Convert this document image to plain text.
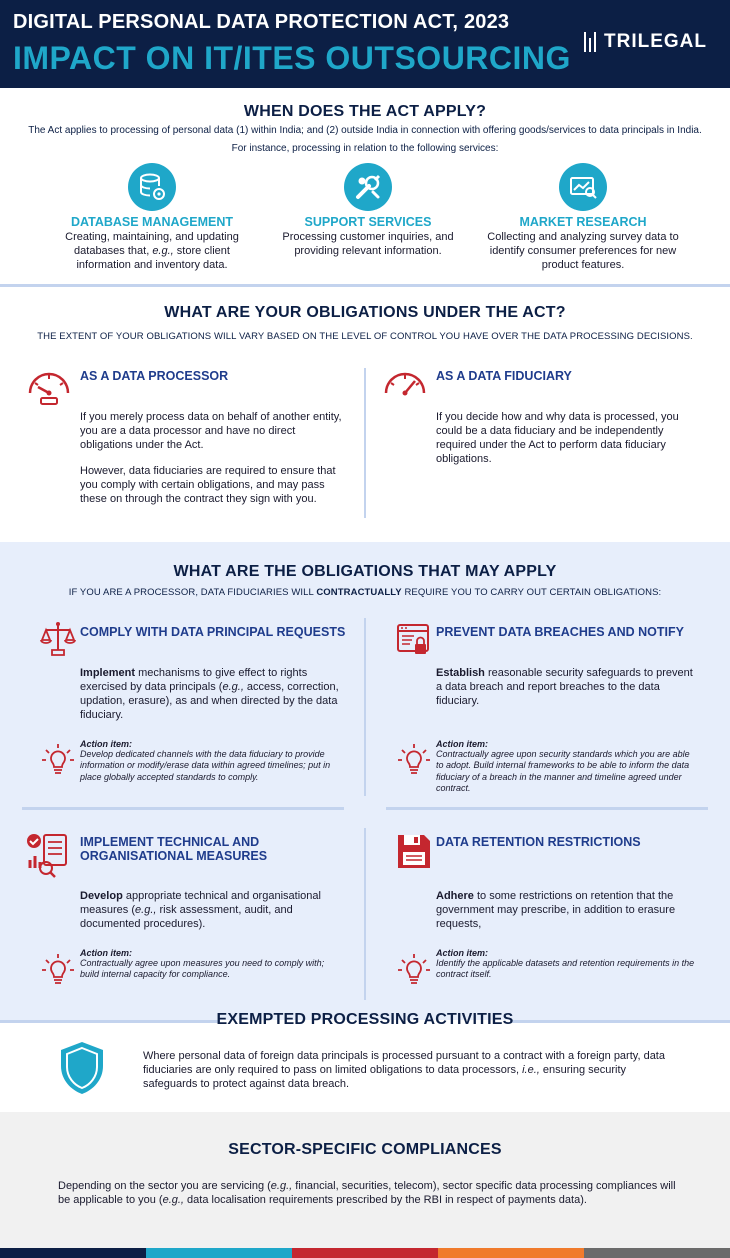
DIGITAL PERSONAL DATA PROTECTION ACT, 2023
IMPACT ON IT/ITES OUTSOURCING TRILEGAL
WHEN DOES THE ACT APPLY?
The Act applies to processing of personal data (1) within India; and (2) outside India in connection with offering goods/services to data principals in India.
For instance, processing in relation to the following services:
DATABASE MANAGEMENT
Creating, maintaining, and updating databases that, e.g., store client information and inventory data.
SUPPORT SERVICES
Processing customer inquiries, and providing relevant information.
MARKET RESEARCH
Collecting and analyzing survey data to identify consumer preferences for new product features.
WHAT ARE YOUR OBLIGATIONS UNDER THE ACT?
THE EXTENT OF YOUR OBLIGATIONS WILL VARY BASED ON THE LEVEL OF CONTROL YOU HAVE OVER THE DATA PROCESSING DECISIONS.
AS A DATA PROCESSOR
If you merely process data on behalf of another entity, you are a data processor and have no direct obligations under the Act.
However, data fiduciaries are required to ensure that you comply with certain obligations, and may pass these on through the contract they sign with you.
AS A DATA FIDUCIARY
If you decide how and why data is processed, you could be a data fiduciary and be independently required under the Act to perform data fiduciary obligations.
WHAT ARE THE OBLIGATIONS THAT MAY APPLY
IF YOU ARE A PROCESSOR, DATA FIDUCIARIES WILL CONTRACTUALLY REQUIRE YOU TO CARRY OUT CERTAIN OBLIGATIONS:
COMPLY WITH DATA PRINCIPAL REQUESTS
Implement mechanisms to give effect to rights exercised by data principals (e.g., access, correction, updation, erasure), as and when directed by the data fiduciary.
Action item:
Develop dedicated channels with the data fiduciary to provide information or modify/erase data within agreed timelines; put in place globally accepted standards to comply.
PREVENT DATA BREACHES AND NOTIFY
Establish reasonable security safeguards to prevent a data breach and report breaches to the data fiduciary.
Action item:
Contractually agree upon security standards which you are able to adopt. Build internal frameworks to be able to inform the data fiduciary of a breach in the manner and timeline agreed under contract.
IMPLEMENT TECHNICAL AND
ORGANISATIONAL MEASURES
Develop appropriate technical and organisational measures (e.g., risk assessment, audit, and documented procedures).
Action item:
Contractually agree upon measures you need to comply with; build internal capacity for compliance.
DATA RETENTION RESTRICTIONS
Adhere to some restrictions on retention that the government may prescribe, in addition to erasure requests,
Action item:
Identify the applicable datasets and retention requirements in the contract itself.
EXEMPTED PROCESSING ACTIVITIES
Where personal data of foreign data principals is processed pursuant to a contract with a foreign party, data fiduciaries are only required to pass on limited obligations to data processors, i.e., ensuring security safeguards to protect against data breach.
SECTOR-SPECIFIC COMPLIANCES
Depending on the sector you are servicing (e.g., financial, securities, telecom), sector specific data processing compliances will be applicable to you (e.g., data localisation requirements prescribed by the RBI in respect of payments data).
